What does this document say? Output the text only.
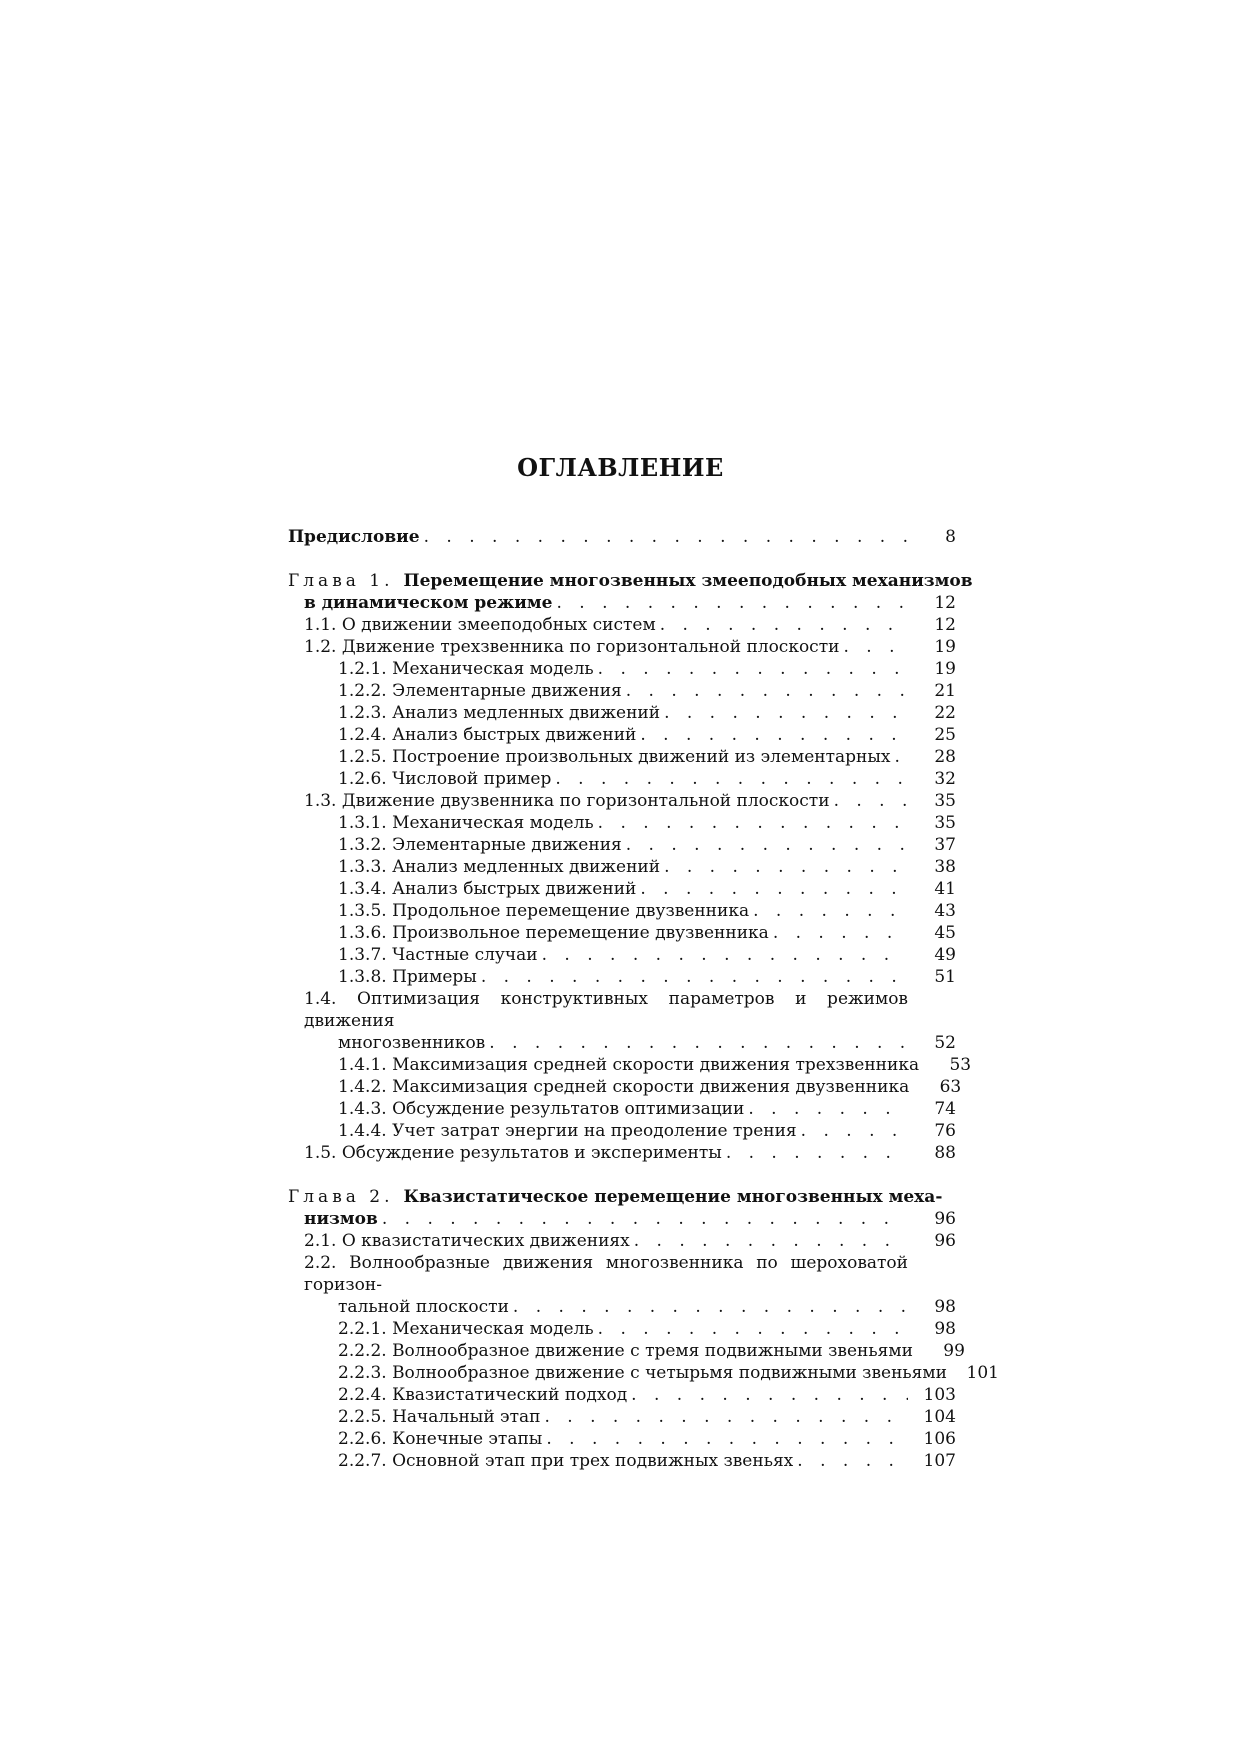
ОГЛАВЛЕНИЕ
Предисловие . . .	8
Глава 1. Перемещение многозвенных змееподобных механизмов
в динамическом режиме . . .	12
1.1. О движении змееподобных систем . . .	12
1.2. Движение трехзвенника по горизонтальной плоскости . . .	19
1.2.1. Механическая модель . . .	19
1.2.2. Элементарные движения . . .	21
1.2.3. Анализ медленных движений . . .	22
1.2.4. Анализ быстрых движений . . .	25
1.2.5. Построение произвольных движений из элементарных . . .	28
1.2.6. Числовой пример . . .	32
1.3. Движение двузвенника по горизонтальной плоскости . . .	35
1.3.1. Механическая модель . . .	35
1.3.2. Элементарные движения . . .	37
1.3.3. Анализ медленных движений . . .	38
1.3.4. Анализ быстрых движений . . .	41
1.3.5. Продольное перемещение двузвенника . . .	43
1.3.6. Произвольное перемещение двузвенника . . .	45
1.3.7. Частные случаи . . .	49
1.3.8. Примеры . . .	51
1.4. Оптимизация конструктивных параметров и режимов движения
многозвенников . . .	52
1.4.1. Максимизация средней скорости движения трехзвенника	53
1.4.2. Максимизация средней скорости движения двузвенника	63
1.4.3. Обсуждение результатов оптимизации . . .	74
1.4.4. Учет затрат энергии на преодоление трения . . .	76
1.5. Обсуждение результатов и эксперименты . . .	88
Глава 2. Квазистатическое перемещение многозвенных меха-
низмов . . .	96
2.1. О квазистатических движениях . . .	96
2.2. Волнообразные движения многозвенника по шероховатой горизон-
тальной плоскости . . .	98
2.2.1. Механическая модель . . .	98
2.2.2. Волнообразное движение с тремя подвижными звеньями	99
2.2.3. Волнообразное движение с четырьмя подвижными звеньями	101
2.2.4. Квазистатический подход . . .	103
2.2.5. Начальный этап . . .	104
2.2.6. Конечные этапы . . .	106
2.2.7. Основной этап при трех подвижных звеньях . . .	107
